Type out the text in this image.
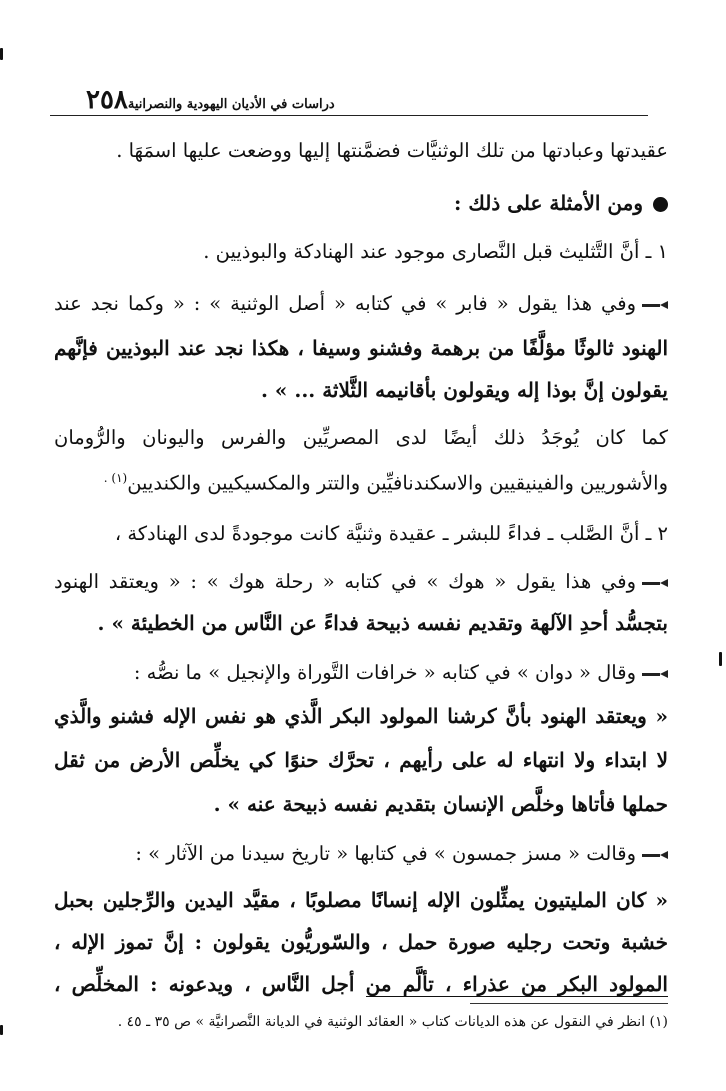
٢٥٨ دراسات في الأديان اليهودية والنصرانية
عقيدتها وعبادتها من تلك الوثنيَّات فضمَّنتها إليها ووضعت عليها اسمَهَا .
ومن الأمثلة على ذلك :
١ ـ أنَّ التَّثليث قبل النَّصارى موجود عند الهنادكة والبوذيين .
وفي هذا يقول « فابر » في كتابه « أصل الوثنية » : « وكما نجد عند
الهنود ثالوثًا مؤلَّفًا من برهمة وفشنو وسيفا ، هكذا نجد عند البوذيين فإنَّهم
يقولون إنَّ بوذا إله ويقولون بأقانيمه الثَّلاثة ... » .
كما كان يُوجَدُ ذلك أيضًا لدى المصريِّين والفرس واليونان والرُّومان
والأشوريين والفينيقيين والاسكندنافيِّين والتتر والمكسيكيين والكنديين$^{(١) .}$
٢ ـ أنَّ الصَّلب ـ فداءً للبشر ـ عقيدة وثنيَّة كانت موجودةً لدى الهنادكة ،
وفي هذا يقول « هوك » في كتابه « رحلة هوك » : « ويعتقد الهنود
بتجسُّد أحدِ الآلهة وتقديم نفسه ذبيحة فداءً عن النَّاس من الخطيئة » .
وقال « دوان » في كتابه « خرافات التَّوراة والإنجيل » ما نصُّه :
« ويعتقد الهنود بأنَّ كرشنا المولود البكر الَّذي هو نفس الإله فشنو والَّذي
لا ابتداء ولا انتهاء له على رأيهم ، تحرَّك حنوًا كي يخلِّص الأرض من ثقل
حملها فأتاها وخلَّص الإنسان بتقديم نفسه ذبيحة عنه » .
وقالت « مسز جمسون » في كتابها « تاريخ سيدنا من الآثار » :
« كان المليتيون يمثِّلون الإله إنسانًا مصلوبًا ، مقيَّد اليدين والرِّجلين بحبل
خشبة وتحت رجليه صورة حمل ، والسّوريُّون يقولون : إنَّ تموز الإله ،
المولود البكر من عذراء ، تألَّم من أجل النَّاس ، ويدعونه : المخلِّص ،
(١) انظر في النقول عن هذه الديانات كتاب « العقائد الوثنية في الديانة النَّصرانيَّة » ص ٣٥ ـ ٤٥ .
